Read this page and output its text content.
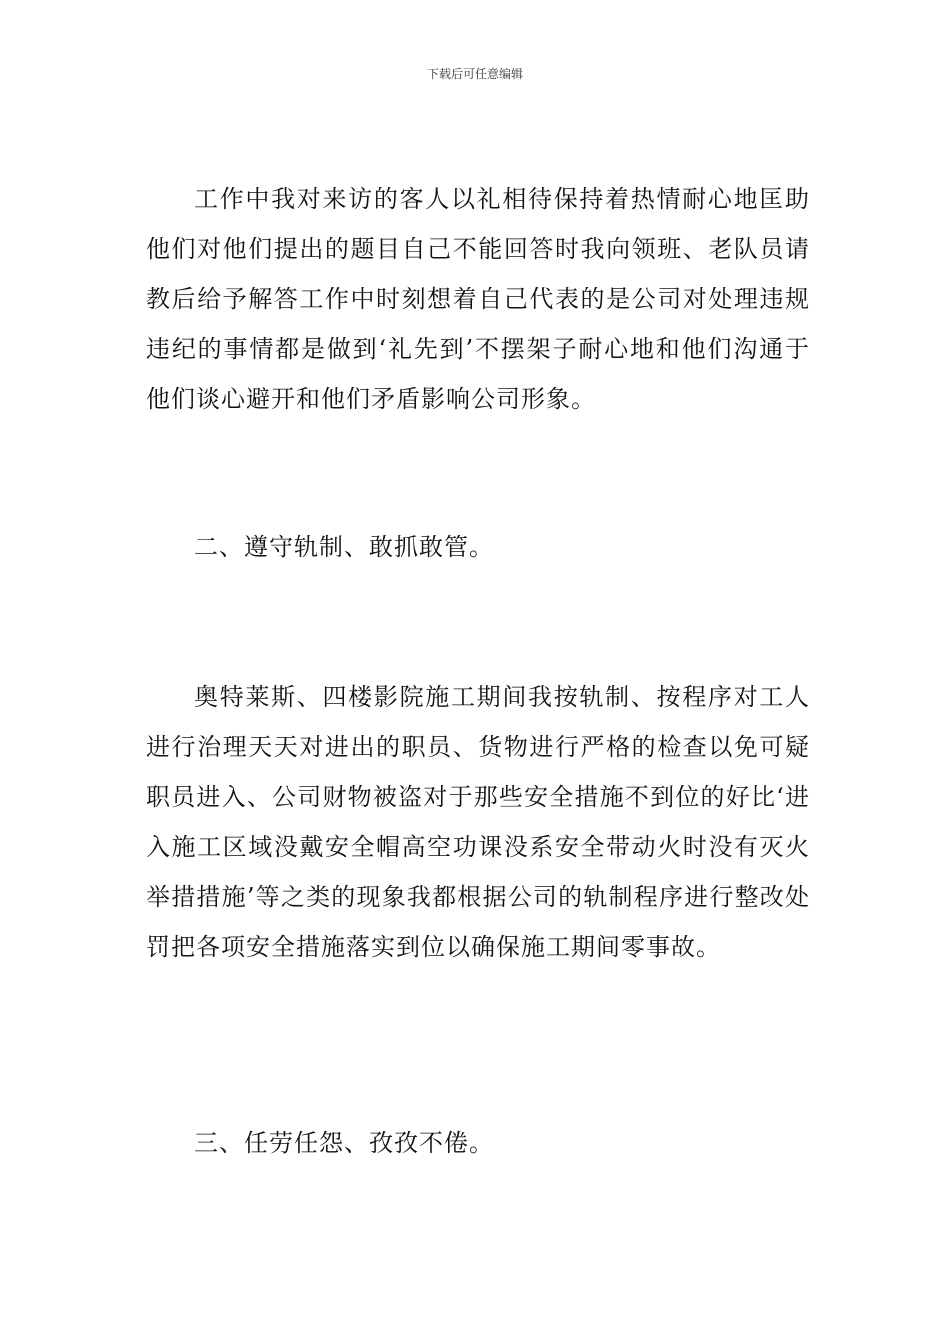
下载后可任意编辑

工作中我对来访的客人以礼相待保持着热情耐心地匡助他们对他们提出的题目自己不能回答时我向领班、老队员请教后给予解答工作中时刻想着自己代表的是公司对处理违规违纪的事情都是做到‘礼先到’不摆架子耐心地和他们沟通于他们谈心避开和他们矛盾影响公司形象。

二、遵守轨制、敢抓敢管。

奥特莱斯、四楼影院施工期间我按轨制、按程序对工人进行治理天天对进出的职员、货物进行严格的检查以免可疑职员进入、公司财物被盗对于那些安全措施不到位的好比‘进入施工区域没戴安全帽高空功课没系安全带动火时没有灭火举措措施’等之类的现象我都根据公司的轨制程序进行整改处罚把各项安全措施落实到位以确保施工期间零事故。

三、任劳任怨、孜孜不倦。
